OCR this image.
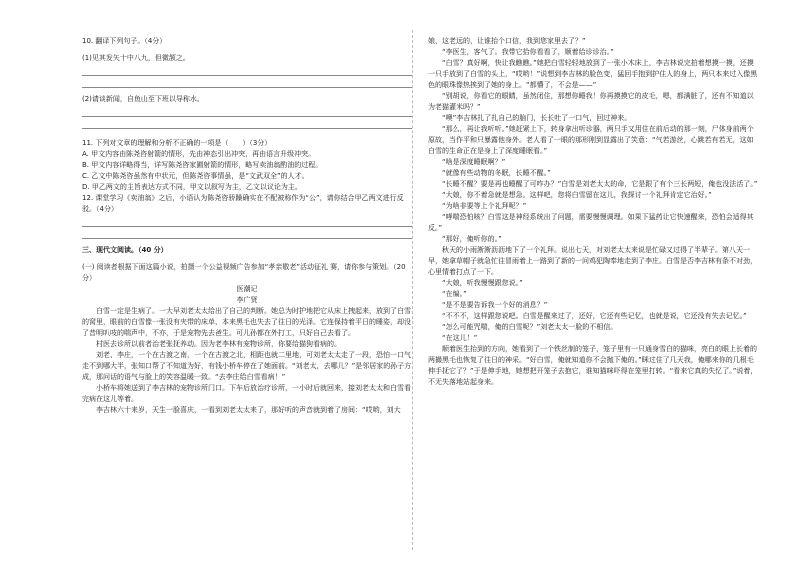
10. 翻译下列句子。（4分）

(1)见其发矢十中八九，但微颔之。

(2)请谈新闻，自鱼山至下班以导称水。

11. 下列对文章的理解和分析不正确的一项是（　　）（3分）

A. 甲文内容由陈尧咨射箭的情形，先由神态引出冲突，再由语言升级冲突。

B. 甲文内容详略得当，详写陈尧咨家圃射箭的情形，略写卖油翁酌油的过程。

C. 乙文中陈尧咨虽然有中状元，但陈尧咨事情虽，是“文武双全”的人才。

D. 甲乙两文的主旨表达方式不同，甲文以叙写为主，乙文以议论为主。

12. 课堂学习《卖油翁》之后，小语认为陈尧咨骄躁确实在不配被称作为“公”，请你结合甲乙两文进行反驳。（4分）

三、现代文阅读。（40 分）

(一) 阅读者根据下面这篇小说，拍摄一个公益视频广告参加“孝亲敬老”活动征礼 赛，请你参与策划。（20分）

医潮记

李广贤

白雪一定是生病了。一大早刘老太太给出了自己的判断。她总为时护地把它从床上拽起来，放到了白雪的窝里，眼前的白雪像一张没有夹带的床单，本来黑毛也失去了往日的光泽。它连保持着平日的睡姿，却没了昔明叭吱的喘声中，不亦，于是宠物先去爸生。可儿孙都在外打工，只好自己去看了。

村医去诊所以前者治老张抚养动。因为老李林有宠物诊所，你要给猫狗看病的。

刘老、李庄，一个在古渡之南，一个在古渡之北，相距也就二里地，可刘老太太走了一段，恐怕一口气走不到哪大半，张知口帮了不知道为好，有钱小桥车停在了她面前。“刘老太，去哪儿？”是邻居家的孙子方成，那问话的语气与脸上的笑容温暖一致。“去李庄给白雪看病！”

小桥车将她送到了李吉林的宠物诊所门口。下车后放治疗诊所，一小时后就回来，接刘老太太和白雪看完病在这儿等着。

李吉林六十来岁，天生一脸喜庆，一看到刘老太太来了，那好听的声音就到着了房间：“哎哟，刘大

娘，这老远的，让谁抬个口信，我到您家里去了？”

“李医生，客气了。我带它拾你看看了，顺着给诊诊治。”

“白雪？真好啊，快让我瞧瞧。”她把白雪轻轻地放到了一张小木床上，李吉林说完拍着想摸一摸，还摸一只手放到了白雪的头上，“哎哟！”说想到李吉林的脸色变，猛回手抱到护住人的身上，两只本来过入像黑色的眼珠像热挨到了她的身上。“都懵了，不会是——”

“别胡说，你看它的眼睛，虽然闭住，那想你睡我！你再摸摸它的皮毛，嗯，都满脏了，还有不知道以为老猫灌米吗？”

“噢”李吉林扎了扎自己的脑门，长长吐了一口气，回过神来。

“那么，再让我听听。”她赶紧上下，转身拿出听诊器，两只手又用住在前后动的那一刻，尸体身前两个原故，当作平和只暴露他身外。老人看了一眼的那形刚到显露出了笑意：“气若游丝，心跳若有若无，这如白雪的生命正在是身上了深度睡眠看。”

“啥是深度睡眠啊？”

“就像有些动物的冬眠，长睡不醒。”

“长睡不醒？要是再也睡醒了可咋办？”白雪是刘老太太的命，它是跟了有个三长两短，俺也没法活了。”

“大娘，你不着急就是想急。这样吧，您将白雪留在这儿，我探讨一个礼拜肯定它治好。”

“为啥非要等上个礼拜呢？”

“哮喘恐怕咳？白雪这是神经系统出了问题，需要慢慢调理。如果下猛药让它快速醒来，恐怕会适得其反。”

“那好，俺听你的。”

秋天的小雨淅淅沥沥地下了一个礼拜。说出七天，对刘老太太来说是忙碌又过得了半辈子。第八天一早，她拿草帽子就急忙往冒雨着上一路到了新的一问鸡犯陶奉地走到了李庄。白雪是否李吉林有条不对劲，心里情着打点了一下。

“大娘，听我慢慢跟您说。”

“在编。”

“是不是要告诉我一个好的消息？”

“不不不，这样跟您说吧。白雪是醒来过了，还好，它还有些记忆，也就是说，它还没有失去记忆。”

“怎么可能咒喘，俺的白雪呢？”刘老太太一脸的不相信。

“在这儿！”

顺着医生抬到的方向，她看到了一个铁丝制的笼子，笼子里有一只通身雪白的猫咪，亮白的眼上长着的两撮黑毛也恢复了往日的神采。“好白雪，俺就知道你不会抛下俺的。”眯过住了几天我，俺哪来你的几根毛伸手抚它了？”于是伸手地，她想把开笼子去抱它，谁知猫咪吓得在笼里打转。“看来它真的失忆了。”说着，不无失落地站起身来。
